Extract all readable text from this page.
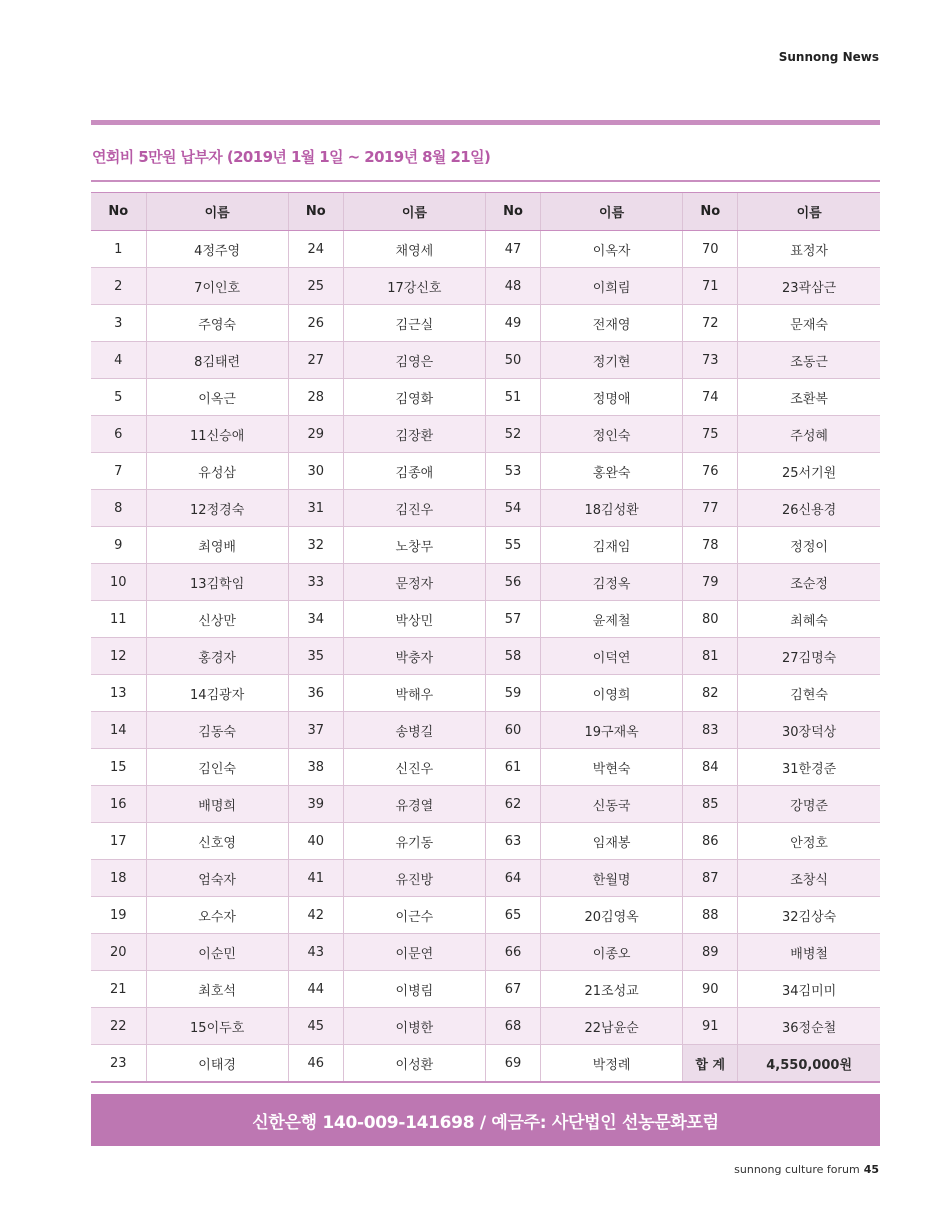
Sunnong News
연회비 5만원 납부자 (2019년 1월 1일 ~ 2019년 8월 21일)
No	이름	No	이름	No	이름	No	이름
1	4정주영	24	채영세	47	이옥자	70	표정자
2	7이인호	25	17강신호	48	이희림	71	23곽삼근
3	주영숙	26	김근실	49	전재영	72	문재숙
4	8김태련	27	김영은	50	정기현	73	조동근
5	이옥근	28	김영화	51	정명애	74	조환복
6	11신승애	29	김장환	52	정인숙	75	주성혜
7	유성삼	30	김종애	53	홍완숙	76	25서기원
8	12정경숙	31	김진우	54	18김성환	77	26신용경
9	최영배	32	노창무	55	김재임	78	정정이
10	13김학임	33	문정자	56	김정옥	79	조순정
11	신상만	34	박상민	57	윤제철	80	최혜숙
12	홍경자	35	박충자	58	이덕연	81	27김명숙
13	14김광자	36	박해우	59	이영희	82	김현숙
14	김동숙	37	송병길	60	19구재옥	83	30장덕상
15	김인숙	38	신진우	61	박현숙	84	31한경준
16	배명희	39	유경열	62	신동국	85	강명준
17	신호영	40	유기동	63	임재봉	86	안정호
18	엄숙자	41	유진방	64	한월명	87	조창식
19	오수자	42	이근수	65	20김영옥	88	32김상숙
20	이순민	43	이문연	66	이종오	89	배병철
21	최호석	44	이병림	67	21조성교	90	34김미미
22	15이두호	45	이병한	68	22남윤순	91	36정순철
23	이태경	46	이성환	69	박정례	합 계	4,550,000원
신한은행 140-009-141698 / 예금주: 사단법인 선농문화포럼
sunnong culture forum 45
